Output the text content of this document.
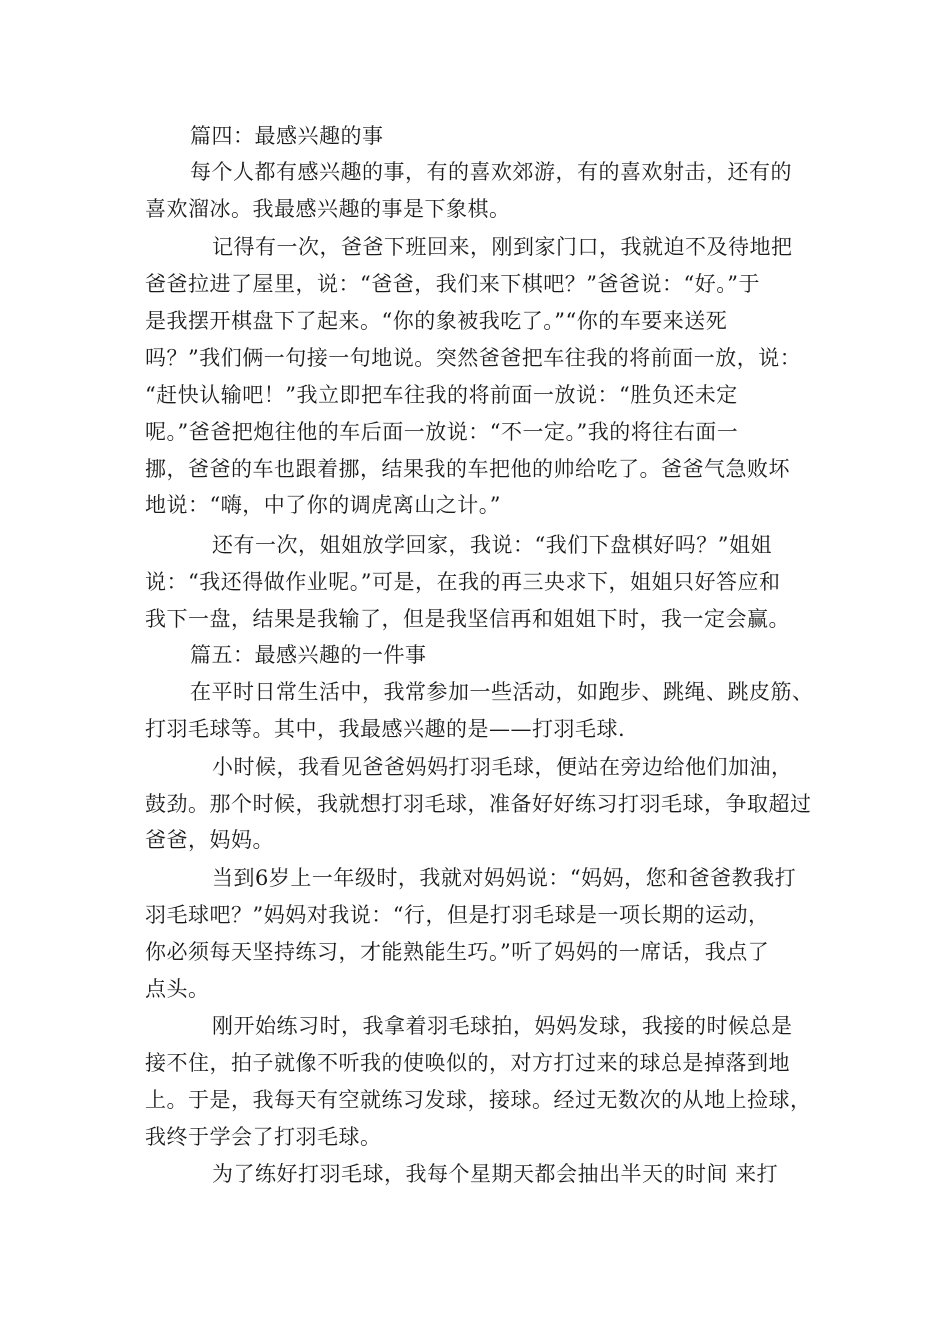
篇四：最感兴趣的事
每个人都有感兴趣的事，有的喜欢郊游，有的喜欢射击，还有的
喜欢溜冰。我最感兴趣的事是下象棋。
记得有一次，爸爸下班回来，刚到家门口，我就迫不及待地把
爸爸拉进了屋里，说：“爸爸，我们来下棋吧？”爸爸说：“好。”于
是我摆开棋盘下了起来。“你的象被我吃了。”“你的车要来送死
吗？”我们俩一句接一句地说。突然爸爸把车往我的将前面一放，说：
“赶快认输吧！”我立即把车往我的将前面一放说：“胜负还未定
呢。”爸爸把炮往他的车后面一放说：“不一定。”我的将往右面一
挪，爸爸的车也跟着挪，结果我的车把他的帅给吃了。爸爸气急败坏
地说：“嗨，中了你的调虎离山之计。”
还有一次，姐姐放学回家，我说：“我们下盘棋好吗？”姐姐
说：“我还得做作业呢。”可是，在我的再三央求下，姐姐只好答应和
我下一盘，结果是我输了，但是我坚信再和姐姐下时，我一定会赢。
篇五：最感兴趣的一件事
在平时日常生活中，我常参加一些活动，如跑步、跳绳、跳皮筋、
打羽毛球等。其中，我最感兴趣的是——打羽毛球.
小时候，我看见爸爸妈妈打羽毛球，便站在旁边给他们加油，
鼓劲。那个时候，我就想打羽毛球，准备好好练习打羽毛球，争取超过
爸爸，妈妈。
当到6岁上一年级时，我就对妈妈说：“妈妈，您和爸爸教我打
羽毛球吧？”妈妈对我说：“行，但是打羽毛球是一项长期的运动，
你必须每天坚持练习，才能熟能生巧。”听了妈妈的一席话，我点了
点头。
刚开始练习时，我拿着羽毛球拍，妈妈发球，我接的时候总是
接不住，拍子就像不听我的使唤似的，对方打过来的球总是掉落到地
上。于是，我每天有空就练习发球，接球。经过无数次的从地上捡球，
我终于学会了打羽毛球。
为了练好打羽毛球，我每个星期天都会抽出半天的时间 来打
